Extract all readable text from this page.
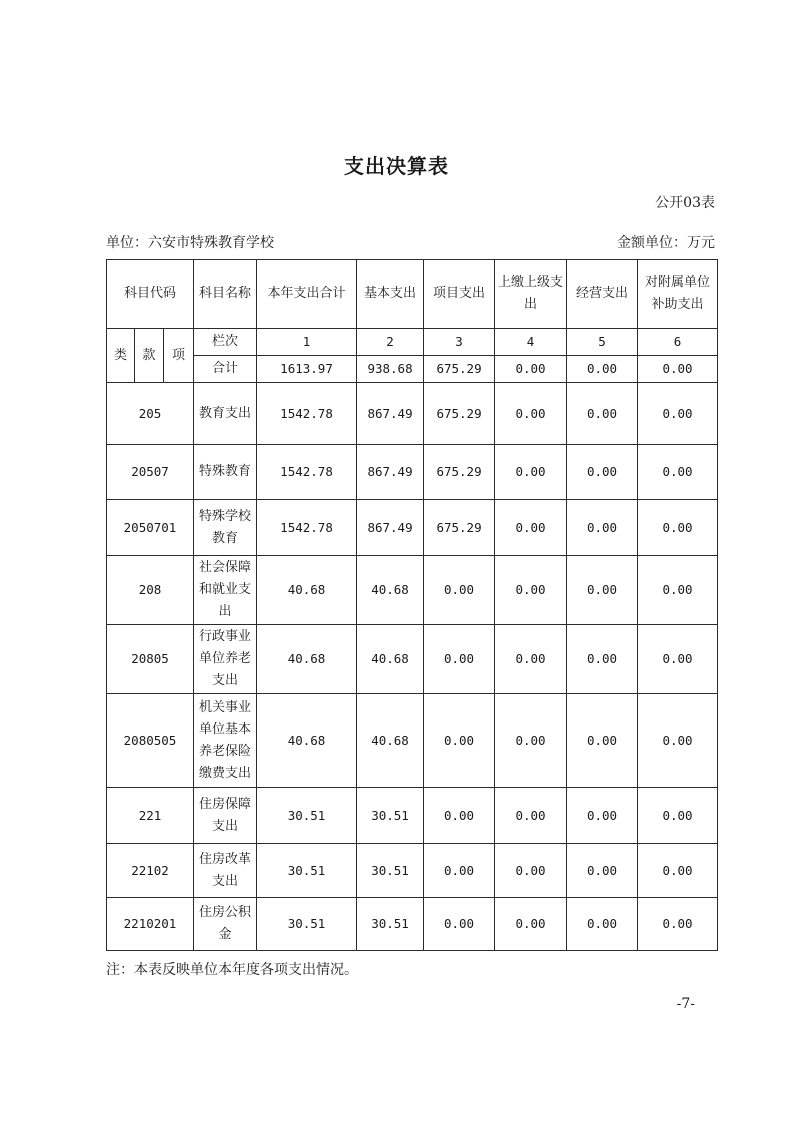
支出决算表
公开03表
单位：六安市特殊教育学校	金额单位：万元
科目代码			科目名称	本年支出合计	基本支出	项目支出	上缴上级支出	经营支出	对附属单位补助支出
类	款	项	栏次	1	2	3	4	5	6
			合计	1613.97	938.68	675.29	0.00	0.00	0.00
205			教育支出	1542.78	867.49	675.29	0.00	0.00	0.00
20507			特殊教育	1542.78	867.49	675.29	0.00	0.00	0.00
2050701			特殊学校教育	1542.78	867.49	675.29	0.00	0.00	0.00
208			社会保障和就业支出	40.68	40.68	0.00	0.00	0.00	0.00
20805			行政事业单位养老支出	40.68	40.68	0.00	0.00	0.00	0.00
2080505			机关事业单位基本养老保险缴费支出	40.68	40.68	0.00	0.00	0.00	0.00
221			住房保障支出	30.51	30.51	0.00	0.00	0.00	0.00
22102			住房改革支出	30.51	30.51	0.00	0.00	0.00	0.00
2210201			住房公积金	30.51	30.51	0.00	0.00	0.00	0.00
注：本表反映单位本年度各项支出情况。
-7-
